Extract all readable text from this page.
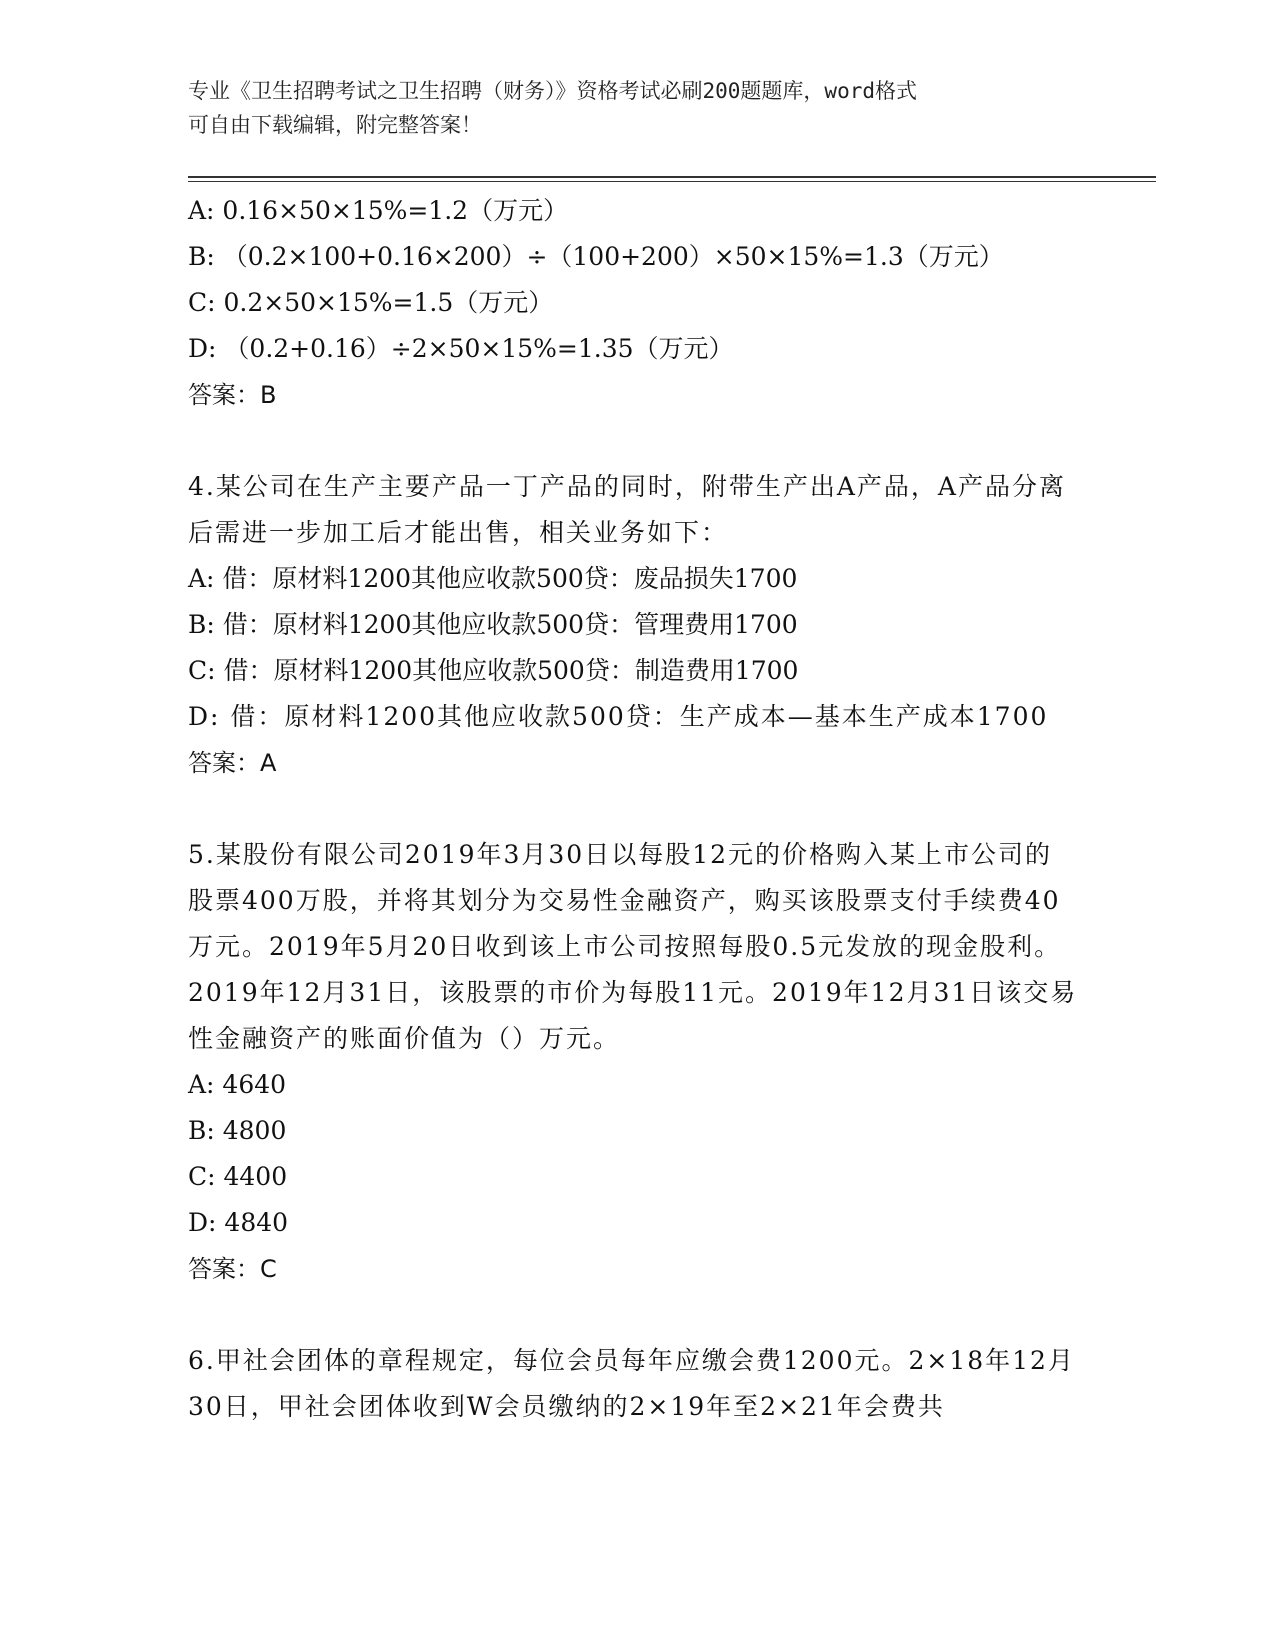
专业《卫生招聘考试之卫生招聘（财务）》资格考试必刷200题题库，word格式
可自由下载编辑，附完整答案！
A: 0.16×50×15%=1.2（万元）
B: （0.2×100+0.16×200）÷（100+200）×50×15%=1.3（万元）
C: 0.2×50×15%=1.5（万元）
D: （0.2+0.16）÷2×50×15%=1.35（万元）
答案：B
4.某公司在生产主要产品一丁产品的同时，附带生产出A产品，A产品分离后需进一步加工后才能出售，相关业务如下：
A: 借：原材料1200其他应收款500贷：废品损失1700
B: 借：原材料1200其他应收款500贷：管理费用1700
C: 借：原材料1200其他应收款500贷：制造费用1700
D: 借：原材料1200其他应收款500贷：生产成本—基本生产成本1700
答案：A
5.某股份有限公司2019年3月30日以每股12元的价格购入某上市公司的股票400万股，并将其划分为交易性金融资产，购买该股票支付手续费40万元。2019年5月20日收到该上市公司按照每股0.5元发放的现金股利。2019年12月31日，该股票的市价为每股11元。2019年12月31日该交易性金融资产的账面价值为（）万元。
A: 4640
B: 4800
C: 4400
D: 4840
答案：C
6.甲社会团体的章程规定，每位会员每年应缴会费1200元。2×18年12月30日，甲社会团体收到W会员缴纳的2×19年至2×21年会费共
